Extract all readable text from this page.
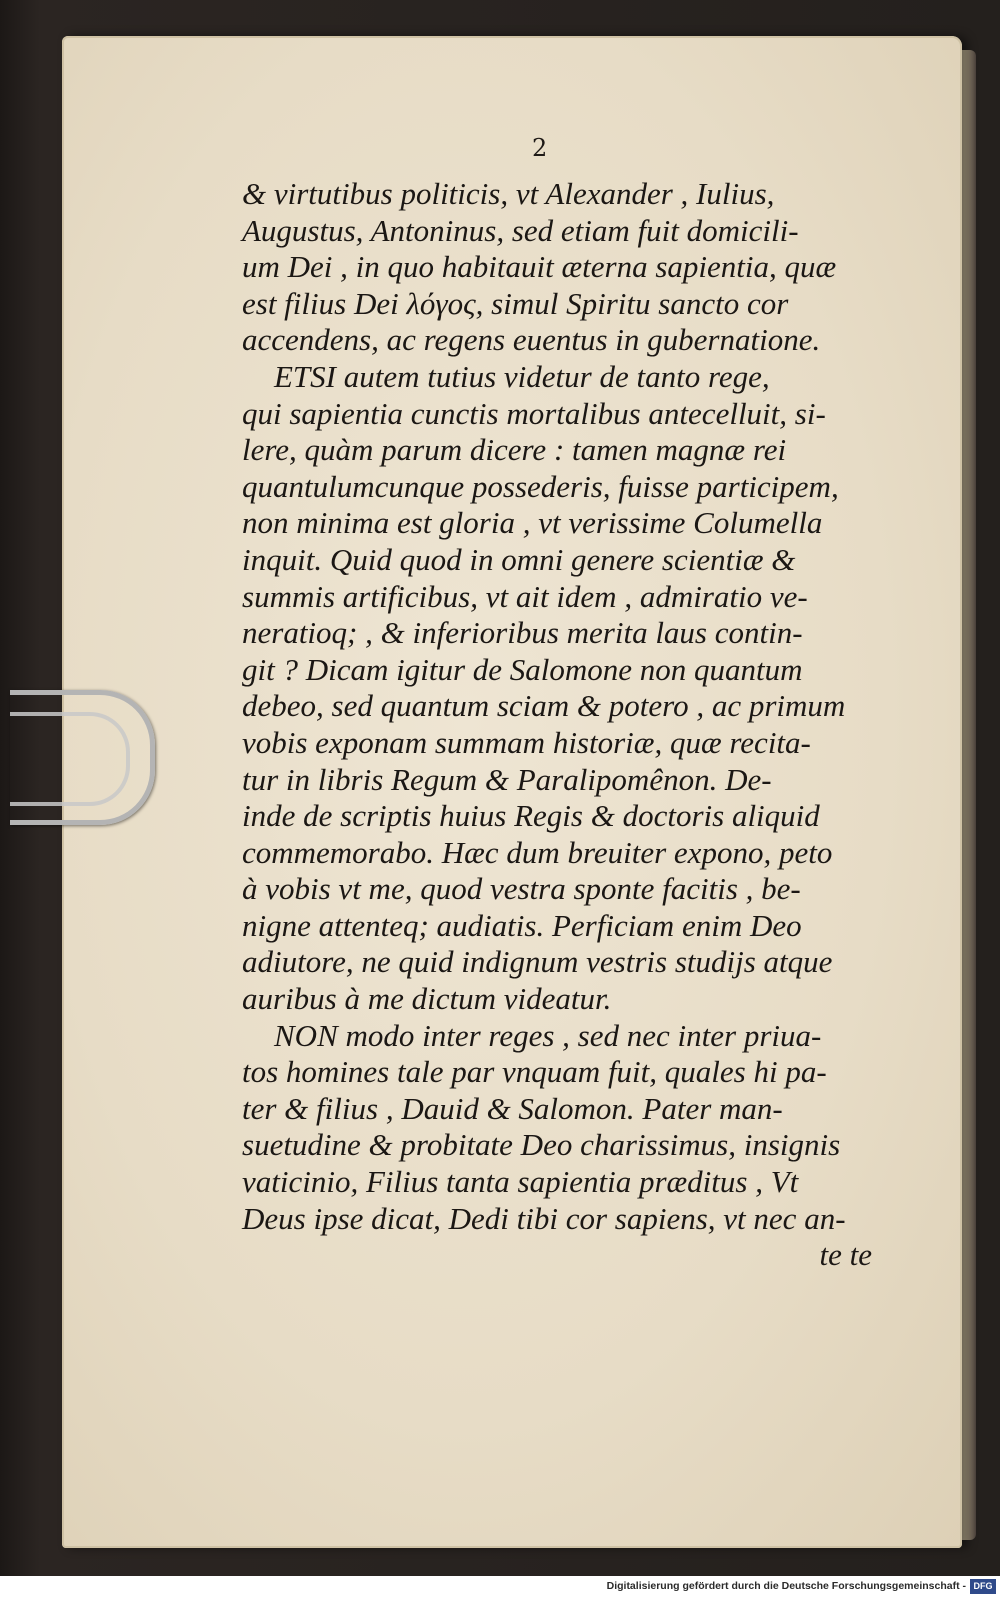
2
& virtutibus politicis, vt Alexander , Iulius,
Augustus, Antoninus, sed etiam fuit domicili-
um Dei , in quo habitauit æterna sapientia, quæ
est filius Dei λόγος, simul Spiritu sancto cor
accendens, ac regens euentus in gubernatione.
ETSI autem tutius videtur de tanto rege,
qui sapientia cunctis mortalibus antecelluit, si-
lere, quàm parum dicere : tamen magnæ rei
quantulumcunque possederis, fuisse participem,
non minima est gloria , vt verissime Columella
inquit. Quid quod in omni genere scientiæ &
summis artificibus, vt ait idem , admiratio ve-
neratioq; , & inferioribus merita laus contin-
git ? Dicam igitur de Salomone non quantum
debeo, sed quantum sciam & potero , ac primum
vobis exponam summam historiæ, quæ recita-
tur in libris Regum & Paralipomênon. De-
inde de scriptis huius Regis & doctoris aliquid
commemorabo. Hæc dum breuiter expono, peto
à vobis vt me, quod vestra sponte facitis , be-
nigne attenteq; audiatis. Perficiam enim Deo
adiutore, ne quid indignum vestris studijs atque
auribus à me dictum videatur.
NON modo inter reges , sed nec inter priua-
tos homines tale par vnquam fuit, quales hi pa-
ter & filius , Dauid & Salomon. Pater man-
suetudine & probitate Deo charissimus, insignis
vaticinio, Filius tanta sapientia præditus , Vt
Deus ipse dicat, Dedi tibi cor sapiens, vt nec an-
te te
Digitalisierung gefördert durch die Deutsche Forschungsgemeinschaft - DFG
